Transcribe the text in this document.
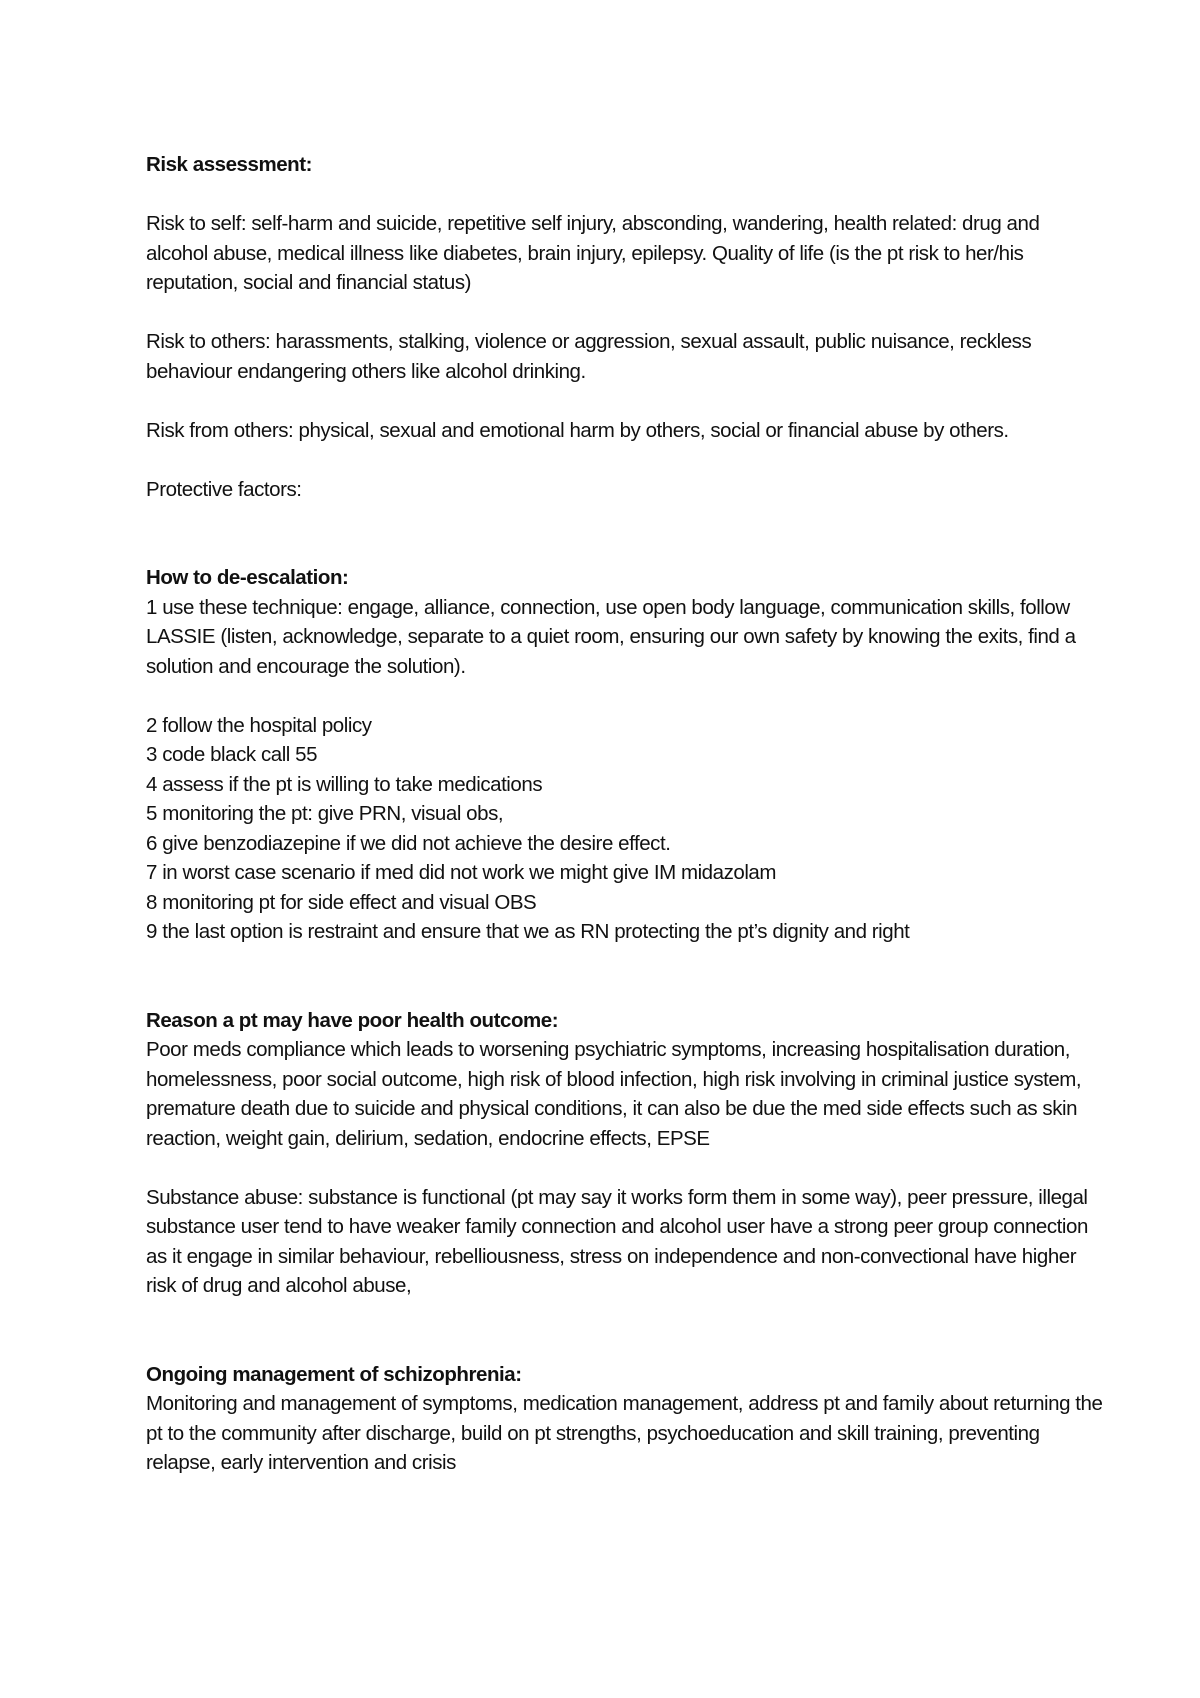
Risk assessment:

Risk to self: self-harm and suicide, repetitive self injury, absconding, wandering, health related: drug and alcohol abuse, medical illness like diabetes, brain injury, epilepsy. Quality of life (is the pt risk to her/his reputation, social and financial status)

Risk to others: harassments, stalking, violence or aggression, sexual assault, public nuisance, reckless behaviour endangering others like alcohol drinking.

Risk from others: physical, sexual and emotional harm by others, social or financial abuse by others.

Protective factors:

How to de-escalation:

1 use these technique: engage, alliance, connection, use open body language, communication skills, follow LASSIE (listen, acknowledge, separate to a quiet room, ensuring our own safety by knowing the exits, find a solution and encourage the solution).

2 follow the hospital policy

3 code black call 55

4 assess if the pt is willing to take medications

5 monitoring the pt: give PRN, visual obs,

6 give benzodiazepine if we did not achieve the desire effect.

7 in worst case scenario if med did not work we might give IM midazolam

8 monitoring pt for side effect and visual OBS

9 the last option is restraint and ensure that we as RN protecting the pt’s dignity and right

Reason a pt may have poor health outcome:

Poor meds compliance which leads to worsening psychiatric symptoms, increasing hospitalisation duration, homelessness, poor social outcome, high risk of blood infection, high risk involving in criminal justice system, premature death due to suicide and physical conditions, it can also be due the med side effects such as skin reaction, weight gain, delirium, sedation, endocrine effects, EPSE

Substance abuse: substance is functional (pt may say it works form them in some way), peer pressure, illegal substance user tend to have weaker family connection and alcohol user have a strong peer group connection as it engage in similar behaviour, rebelliousness, stress on independence and non-convectional have higher risk of drug and alcohol abuse,

Ongoing management of schizophrenia:

Monitoring and management of symptoms, medication management, address pt and family about returning the pt to the community after discharge, build on pt strengths, psychoeducation and skill training, preventing relapse, early intervention and crisis
